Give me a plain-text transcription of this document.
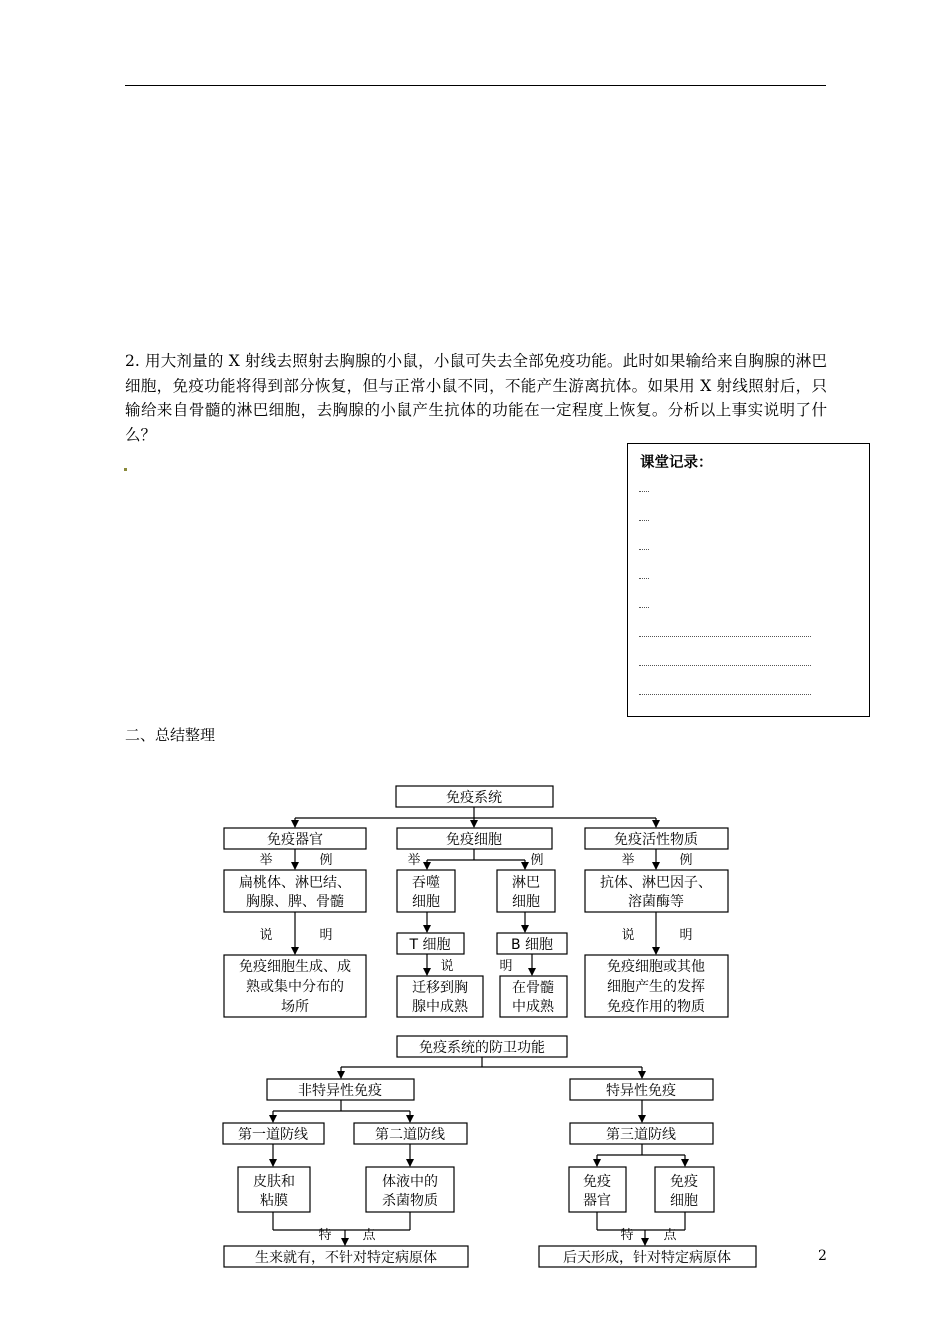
2. 用大剂量的 X 射线去照射去胸腺的小鼠，小鼠可失去全部免疫功能。此时如果输给来自胸腺的淋巴细胞，免疫功能将得到部分恢复，但与正常小鼠不同，不能产生游离抗体。如果用 X 射线照射后，只输给来自骨髓的淋巴细胞，去胸腺的小鼠产生抗体的功能在一定程度上恢复。分析以上事实说明了什么？
课堂记录：
二、总结整理
免疫系统
免疫器官	免疫细胞	免疫活性物质
举	例	举	例	举	例
扁桃体、淋巴结、
胸腺、脾、骨髓
吞噬
细胞
淋巴
细胞
抗体、淋巴因子、
溶菌酶等
说	明	说	明
T 细胞	B 细胞
说	明
免疫细胞生成、成
熟或集中分布的
场所
迁移到胸
腺中成熟
在骨髓
中成熟
免疫细胞或其他
细胞产生的发挥
免疫作用的物质
免疫系统的防卫功能
非特异性免疫	特异性免疫
第一道防线	第二道防线	第三道防线
皮肤和
粘膜
体液中的
杀菌物质
免疫
器官
免疫
细胞
特 点	特 点
生来就有，不针对特定病原体	后天形成，针对特定病原体	2
